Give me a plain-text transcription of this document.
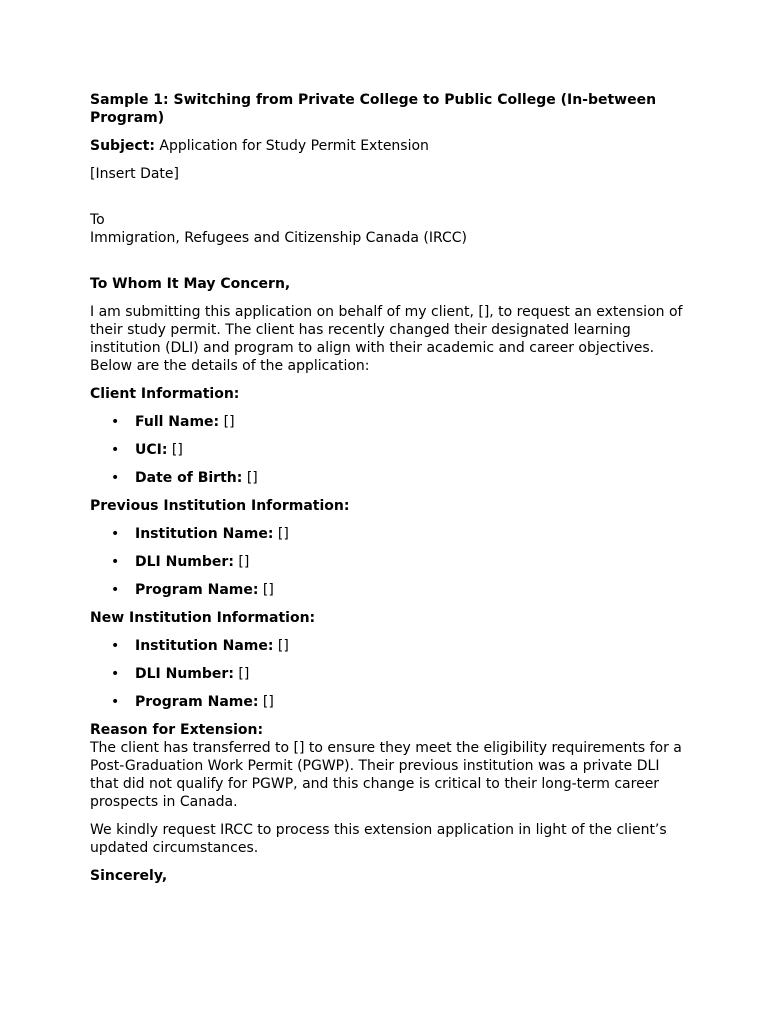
Sample 1: Switching from Private College to Public College (In-between Program)

Subject: Application for Study Permit Extension

[Insert Date]

To

Immigration, Refugees and Citizenship Canada (IRCC)

To Whom It May Concern,

I am submitting this application on behalf of my client, [], to request an extension of their study permit. The client has recently changed their designated learning institution (DLI) and program to align with their academic and career objectives. Below are the details of the application:

Client Information:

• Full Name: []
• UCI: []
• Date of Birth: []

Previous Institution Information:

• Institution Name: []
• DLI Number: []
• Program Name: []

New Institution Information:

• Institution Name: []
• DLI Number: []
• Program Name: []

Reason for Extension:

The client has transferred to [] to ensure they meet the eligibility requirements for a Post-Graduation Work Permit (PGWP). Their previous institution was a private DLI that did not qualify for PGWP, and this change is critical to their long-term career prospects in Canada.

We kindly request IRCC to process this extension application in light of the client’s updated circumstances.

Sincerely,
